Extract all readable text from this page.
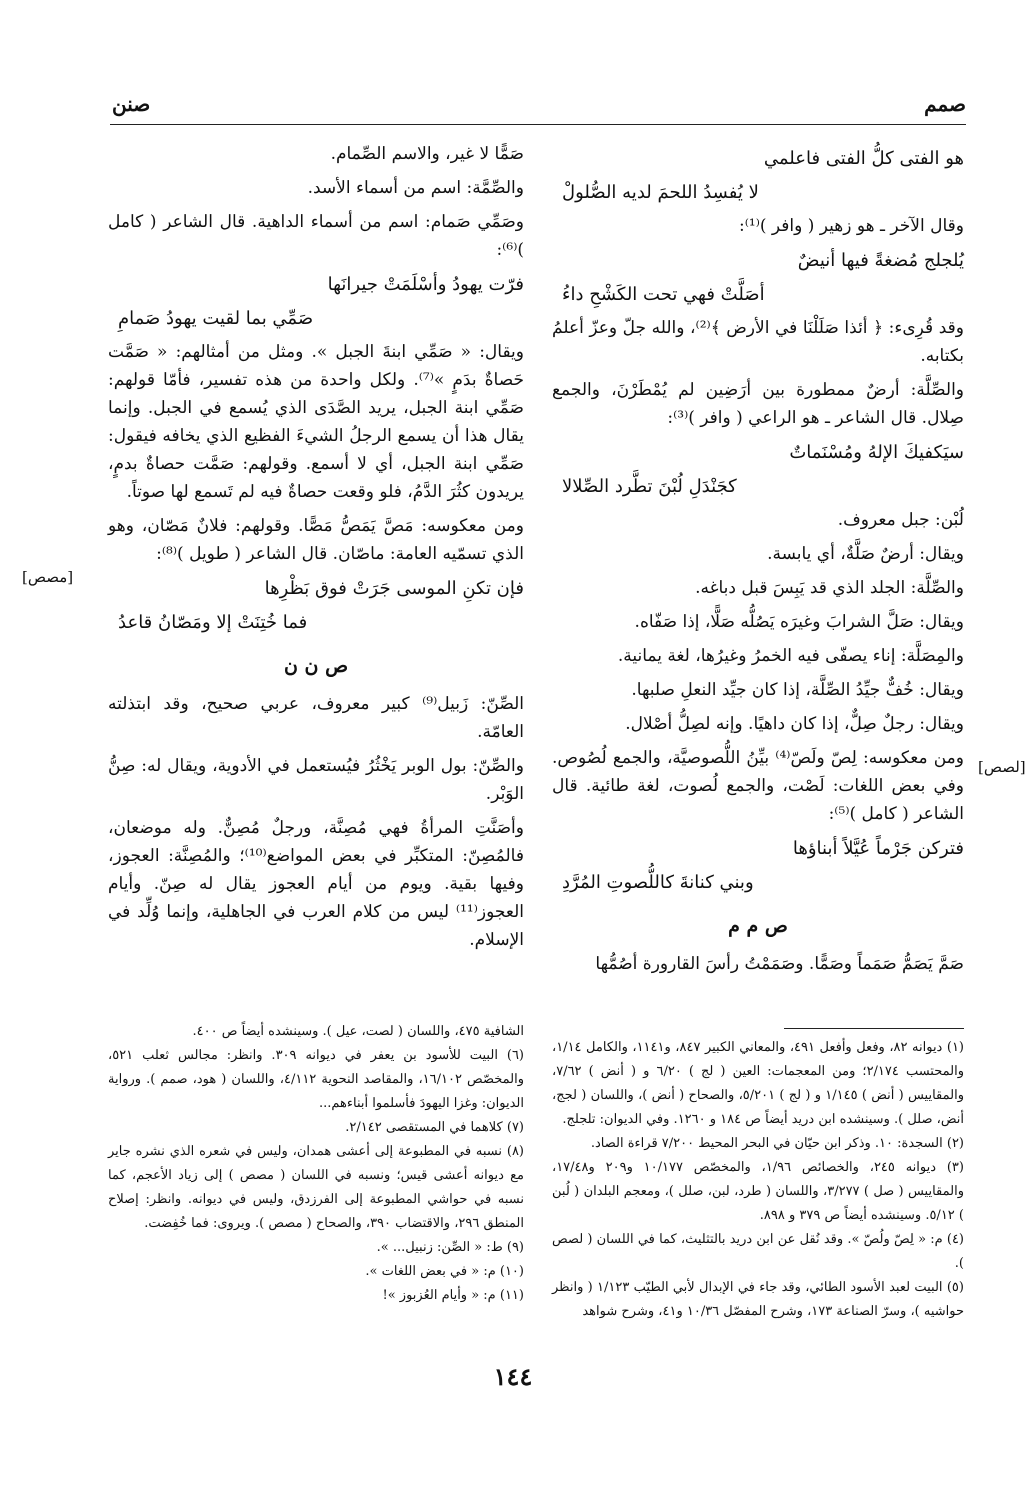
صمم
صنن
هو الفتى كلُّ الفتى فاعلمي
لا يُفسِدُ اللحمَ لديه الصُّلولْ

وقال الآخر ـ هو زهير ( وافر )⁽¹⁾:

يُلجلج مُضغةً فيها أنيضٌ
أصَلَّتْ فهي تحت الكَشْحِ داءُ

وقد قُرِىء: ﴿ أئذا صَلَلْنَا في الأرض ﴾⁽²⁾، والله جلّ وعزّ أعلمُ بكتابه.

والصِّلَّة: أرضٌ ممطورة بين أرَضِين لم يُمْطَرْنَ، والجمع صِلال. قال الشاعر ـ هو الراعي ( وافر )⁽³⁾:

سيَكفيكَ الإلهُ ومُسْنَماتٌ
كجَنْدَلِ لُبْنَ تطَّرد الصِّلالا

لُبْن: جبل معروف.

ويقال: أرضٌ صَلَّةٌ، أي يابسة.

والصِّلَّة: الجلد الذي قد يَبِسَ قبل دباغه.

ويقال: صَلَّ الشرابَ وغيرَه يَصُلُّه صَلًّا، إذا صَفّاه.

والمِصَلَّة: إناء يصفّى فيه الخمرُ وغيرُها، لغة يمانية.

ويقال: خُفٌّ جيِّدُ الصِّلَّة، إذا كان جيِّد النعلِ صلبها.

ويقال: رجلٌ صِلٌّ، إذا كان داهيًا. وإنه لصِلُّ أصْلال.

ومن معكوسه: لِصّ ولَصّ⁽⁴⁾ بيِّنُ اللُّصوصيَّة، والجمع لُصُوص. وفي بعض اللغات: لَصْت، والجمع لُصوت، لغة طائية. قال الشاعر ( كامل )⁽⁵⁾:

فتركن جَرْماً عُيَّلاً أبناؤها
وبني كنانةَ كاللُّصوتِ المُرَّدِ
ص م م

صَمَّ يَصَمُّ صَمَماً وصَمًّا. وصَمَمْتُ رأسَ القارورة أصُمُّها

صَمًّا لا غير، والاسم الصِّمام.

والصِّمَّة: اسم من أسماء الأسد.

وصَمِّي صَمام: اسم من أسماء الداهية. قال الشاعر ( كامل )⁽⁶⁾:

فرّت يهودُ وأسْلَمَتْ جيرانَها
صَمِّي بما لقيت يهودُ صَمامِ

ويقال: « صَمِّي ابنةَ الجبل ». ومثل من أمثالهم: « صَمَّت حَصاةٌ بدَمٍ »⁽⁷⁾. ولكل واحدة من هذه تفسير، فأمّا قولهم: صَمِّي ابنة الجبل، يريد الصَّدَى الذي يُسمع في الجبل. وإنما يقال هذا أن يسمع الرجلُ الشيءَ الفظيع الذي يخافه فيقول: صَمِّي ابنة الجبل، أي لا أسمع. وقولهم: صَمَّت حصاةٌ بدمٍ، يريدون كثُرَ الدَّمُ، فلو وقعت حصاةٌ فيه لم تَسمع لها صوتاً.

ومن معكوسه: مَصَّ يَمَصُّ مَصًّا. وقولهم: فلانٌ مَصّان، وهو الذي تسمّيه العامة: ماصّان. قال الشاعر ( طويل )⁽⁸⁾:

فإن تكنِ الموسى جَرَتْ فوق بَظْرِها
فما خُتِنَتْ إلا ومَصّانُ قاعدُ
ص ن ن

الصِّنّ: زَبيل⁽⁹⁾ كبير معروف، عربي صحيح، وقد ابتذلته العامّة.

والصِّنّ: بول الوبر يَخْثُرُ فيُستعمل في الأدوية، ويقال له: صِنُّ الوَبْر.

وأصَنَّتِ المرأةُ فهي مُصِنَّة، ورجلٌ مُصِنٌّ. وله موضعان، فالمُصِنّ: المتكبِّر في بعض المواضع⁽¹⁰⁾؛ والمُصِنَّة: العجوز، وفيها بقية. ويوم من أيام العجوز يقال له صِنّ. وأيام العجوز⁽¹¹⁾ ليس من كلام العرب في الجاهلية، وإنما وُلِّد في الإسلام.

[لصص]
[مصص]

(١) ديوانه ٨٢، وفعل وأفعل ٤٩١، والمعاني الكبير ٨٤٧، و١١٤١، والكامل ١/١٤، والمحتسب ٢/١٧٤؛ ومن المعجمات: العين ( لج ) ٦/٢٠ و ( أنض ) ٧/٦٢، والمقاييس ( أنض ) ١/١٤٥ و ( لج ) ٥/٢٠١، والصحاح ( أنض )، واللسان ( لجج، أنض، صلل ). وسينشده ابن دريد أيضاً ص ١٨٤ و ١٢٦٠. وفي الديوان: تلجلج.

(٢) السجدة: ١٠. وذكر ابن حيّان في البحر المحيط ٧/٢٠٠ قراءة الصاد.

(٣) ديوانه ٢٤٥، والخصائص ١/٩٦، والمخصّص ١٠/١٧٧ و٢٠٩ و١٧/٤٨، والمقاييس ( صل ) ٣/٢٧٧، واللسان ( طرد، لبن، صلل )، ومعجم البلدان ( لُبن ) ٥/١٢. وسينشده أيضاً ص ٣٧٩ و ٨٩٨.

(٤) م: « لِصّ ولُصّ ». وقد نُقل عن ابن دريد بالتثليث، كما في اللسان ( لصص ).

(٥) البيت لعبد الأسود الطائي، وقد جاء في الإبدال لأبي الطيّب ١/١٢٣ ( وانظر حواشيه )، وسرّ الصناعة ١٧٣، وشرح المفصّل ١٠/٣٦ و٤١، وشرح شواهد

الشافية ٤٧٥، واللسان ( لصت، عيل ). وسينشده أيضاً ص ٤٠٠.

(٦) البيت للأسود بن يعفر في ديوانه ٣٠٩. وانظر: مجالس ثعلب ٥٢١، والمخصّص ١٦/١٠٢، والمقاصد النحوية ٤/١١٢، واللسان ( هود، صمم ). ورواية الديوان: وغزا اليهودَ فأسلموا أبناءهم...

(٧) كلاهما في المستقصى ٢/١٤٢.

(٨) نسبه في المطبوعة إلى أعشى همدان، وليس في شعره الذي نشره جاير مع ديوانه أعشى قيس؛ ونسبه في اللسان ( مصص ) إلى زياد الأعجم، كما نسبه في حواشي المطبوعة إلى الفرزدق، وليس في ديوانه. وانظر: إصلاح المنطق ٢٩٦، والاقتضاب ٣٩٠، والصحاح ( مصص ). ويروى: فما خُفِضت.

(٩) ط: « الصِّن: زنبيل... ».

(١٠) م: « في بعض اللغات ».

(١١) م: « وأيام العُزبوز »!

١٤٤
